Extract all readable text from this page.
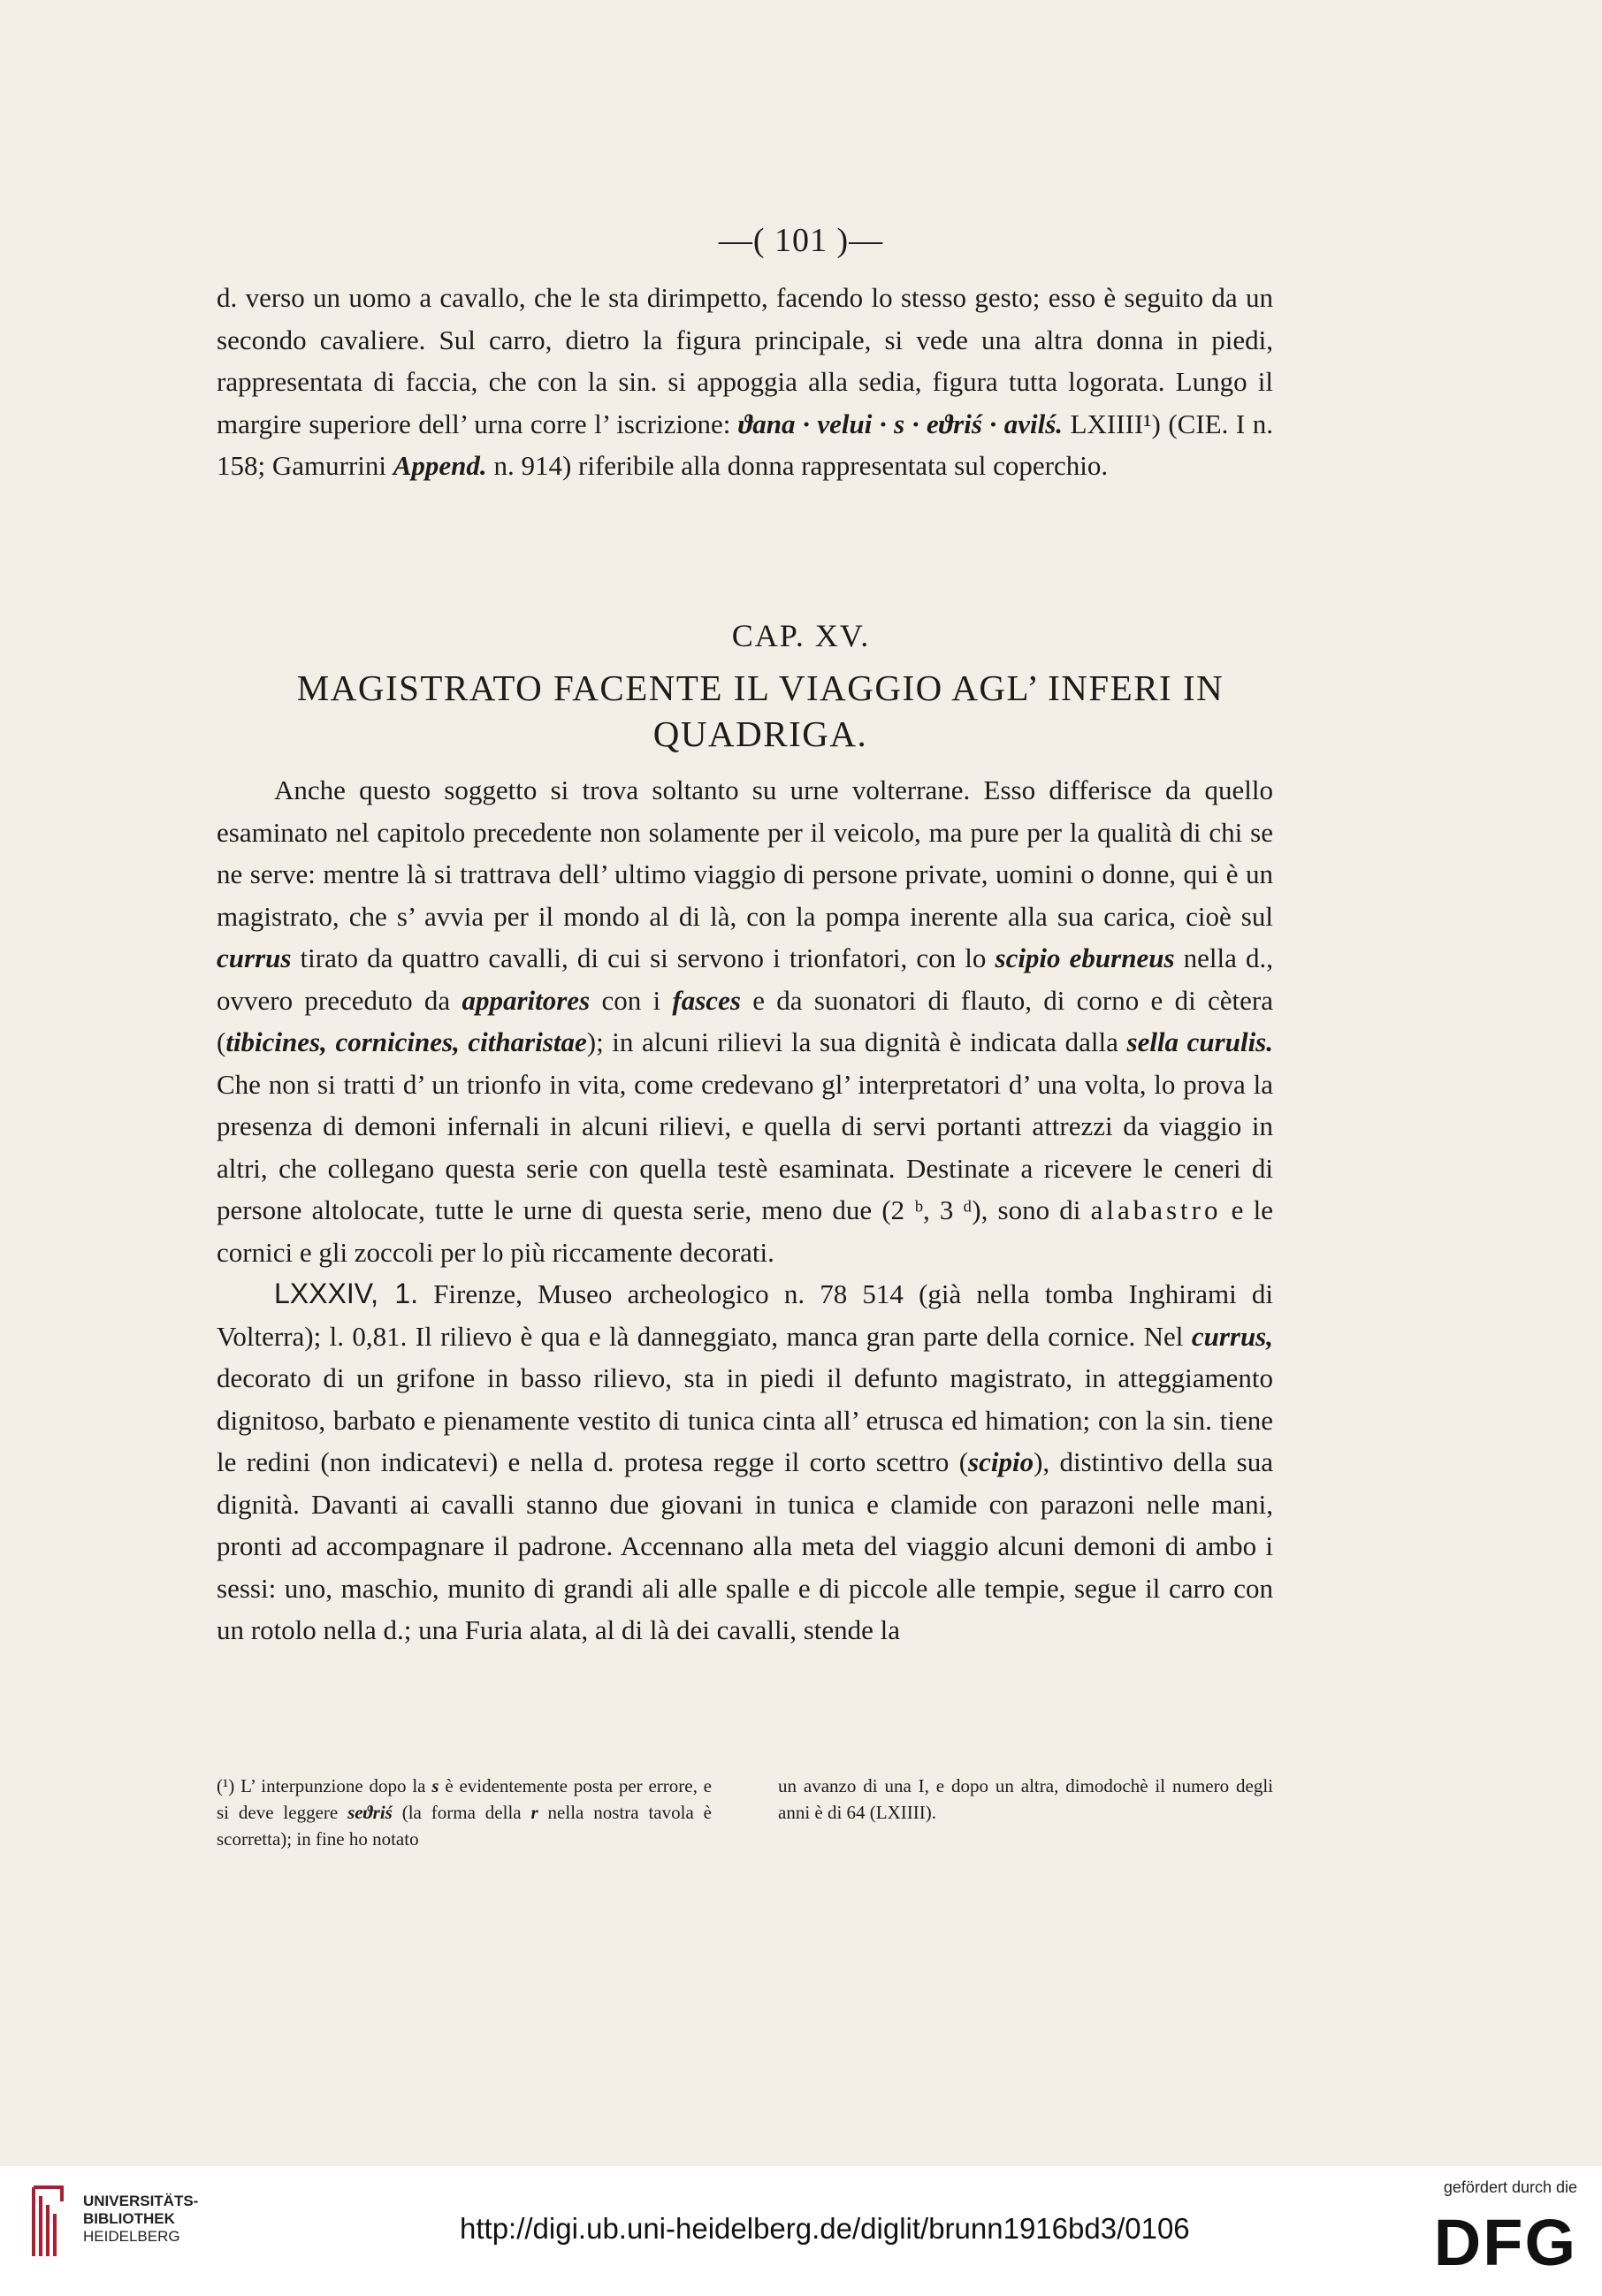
—( 101 )—

d. verso un uomo a cavallo, che le sta dirimpetto, facendo lo stesso gesto; esso è seguito da un secondo cavaliere. Sul carro, dietro la figura principale, si vede una altra donna in piedi, rappresentata di faccia, che con la sin. si appoggia alla sedia, figura tutta logorata. Lungo il margire superiore dell’ urna corre l’ iscrizione: ϑana · velui · s · eϑriś · avilś. LXIIII¹) (CIE. I n. 158; Gamurrini Append. n. 914) riferibile alla donna rappresentata sul coperchio.

CAP. XV.
MAGISTRATO FACENTE IL VIAGGIO AGL’ INFERI IN
QUADRIGA.

Anche questo soggetto si trova soltanto su urne volterrane. Esso differisce da quello esaminato nel capitolo precedente non solamente per il veicolo, ma pure per la qualità di chi se ne serve: mentre là si trattrava dell’ ultimo viaggio di persone private, uomini o donne, qui è un magistrato, che s’ avvia per il mondo al di là, con la pompa inerente alla sua carica, cioè sul currus tirato da quattro cavalli, di cui si servono i trionfatori, con lo scipio eburneus nella d., ovvero preceduto da apparitores con i fasces e da suonatori di flauto, di corno e di cètera (tibicines, cornicines, citharistae); in alcuni rilievi la sua dignità è indicata dalla sella curulis. Che non si tratti d’ un trionfo in vita, come credevano gl’ interpretatori d’ una volta, lo prova la presenza di demoni infernali in alcuni rilievi, e quella di servi portanti attrezzi da viaggio in altri, che collegano questa serie con quella testè esaminata. Destinate a ricevere le ceneri di persone altolocate, tutte le urne di questa serie, meno due (2 ᵇ, 3 ᵈ), sono di alabastro e le cornici e gli zoccoli per lo più riccamente decorati.

LXXXIV, 1. Firenze, Museo archeologico n. 78 514 (già nella tomba Inghirami di Volterra); l. 0,81. Il rilievo è qua e là danneggiato, manca gran parte della cornice. Nel currus, decorato di un grifone in basso rilievo, sta in piedi il defunto magistrato, in atteggiamento dignitoso, barbato e pienamente vestito di tunica cinta all’ etrusca ed himation; con la sin. tiene le redini (non indicatevi) e nella d. protesa regge il corto scettro (scipio), distintivo della sua dignità. Davanti ai cavalli stanno due giovani in tunica e clamide con parazoni nelle mani, pronti ad accompagnare il padrone. Accennano alla meta del viaggio alcuni demoni di ambo i sessi: uno, maschio, munito di grandi ali alle spalle e di piccole alle tempie, segue il carro con un rotolo nella d.; una Furia alata, al di là dei cavalli, stende la

(¹) L’ interpunzione dopo la s è evidentemente posta per errore, e si deve leggere seϑriś (la forma della r nella nostra tavola è scorretta); in fine ho notato

un avanzo di una I, e dopo un altra, dimodochè il numero degli anni è di 64 (LXIIII).

UNIVERSITÄTS-
BIBLIOTHEK
HEIDELBERG	http://digi.ub.uni-heidelberg.de/diglit/brunn1916bd3/0106
gefördert durch die
DFG
